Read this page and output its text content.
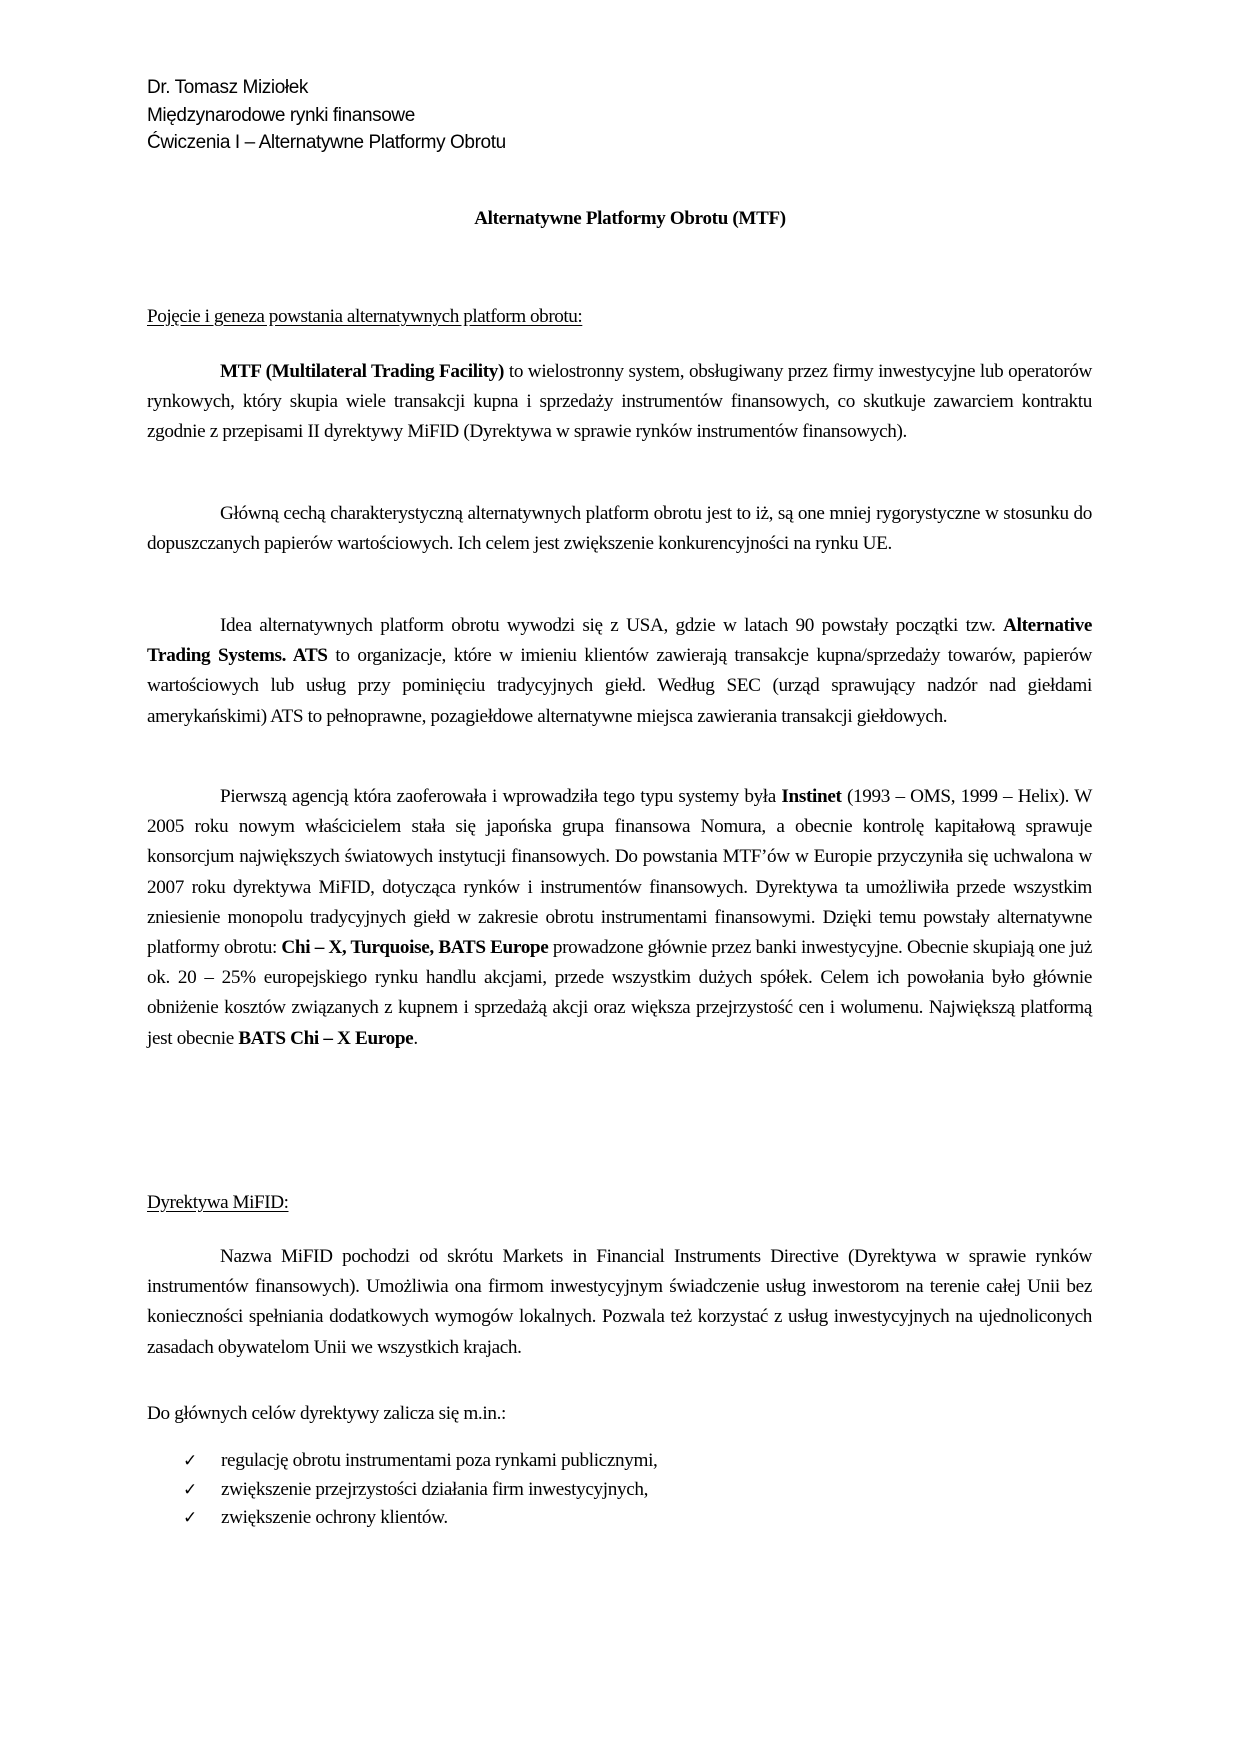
Dr. Tomasz Miziołek
Międzynarodowe rynki finansowe
Ćwiczenia I – Alternatywne Platformy Obrotu
Alternatywne Platformy Obrotu (MTF)
Pojęcie i geneza powstania alternatywnych platform obrotu:

MTF (Multilateral Trading Facility) to wielostronny system, obsługiwany przez firmy inwestycyjne lub operatorów rynkowych, który skupia wiele transakcji kupna i sprzedaży instrumentów finansowych, co skutkuje zawarciem kontraktu zgodnie z przepisami II dyrektywy MiFID (Dyrektywa w sprawie rynków instrumentów finansowych).

Główną cechą charakterystyczną alternatywnych platform obrotu jest to iż, są one mniej rygorystyczne w stosunku do dopuszczanych papierów wartościowych. Ich celem jest zwiększenie konkurencyjności na rynku UE.

Idea alternatywnych platform obrotu wywodzi się z USA, gdzie w latach 90 powstały początki tzw. Alternative Trading Systems. ATS to organizacje, które w imieniu klientów zawierają transakcje kupna/sprzedaży towarów, papierów wartościowych lub usług przy pominięciu tradycyjnych giełd. Według SEC (urząd sprawujący nadzór nad giełdami amerykańskimi) ATS to pełnoprawne, pozagiełdowe alternatywne miejsca zawierania transakcji giełdowych.

Pierwszą agencją która zaoferowała i wprowadziła tego typu systemy była Instinet (1993 – OMS, 1999 – Helix). W 2005 roku nowym właścicielem stała się japońska grupa finansowa Nomura, a obecnie kontrolę kapitałową sprawuje konsorcjum największych światowych instytucji finansowych. Do powstania MTF’ów w Europie przyczyniła się uchwalona w 2007 roku dyrektywa MiFID, dotycząca rynków i instrumentów finansowych. Dyrektywa ta umożliwiła przede wszystkim zniesienie monopolu tradycyjnych giełd w zakresie obrotu instrumentami finansowymi. Dzięki temu powstały alternatywne platformy obrotu: Chi – X, Turquoise, BATS Europe prowadzone głównie przez banki inwestycyjne. Obecnie skupiają one już ok. 20 – 25% europejskiego rynku handlu akcjami, przede wszystkim dużych spółek. Celem ich powołania było głównie obniżenie kosztów związanych z kupnem i sprzedażą akcji oraz większa przejrzystość cen i wolumenu. Największą platformą jest obecnie BATS Chi – X Europe.

Dyrektywa MiFID:

Nazwa MiFID pochodzi od skrótu Markets in Financial Instruments Directive (Dyrektywa w sprawie rynków instrumentów finansowych). Umożliwia ona firmom inwestycyjnym świadczenie usług inwestorom na terenie całej Unii bez konieczności spełniania dodatkowych wymogów lokalnych. Pozwala też korzystać z usług inwestycyjnych na ujednoliconych zasadach obywatelom Unii we wszystkich krajach.

Do głównych celów dyrektywy zalicza się m.in.:

✓	regulację obrotu instrumentami poza rynkami publicznymi,
✓	zwiększenie przejrzystości działania firm inwestycyjnych,
✓	zwiększenie ochrony klientów.
